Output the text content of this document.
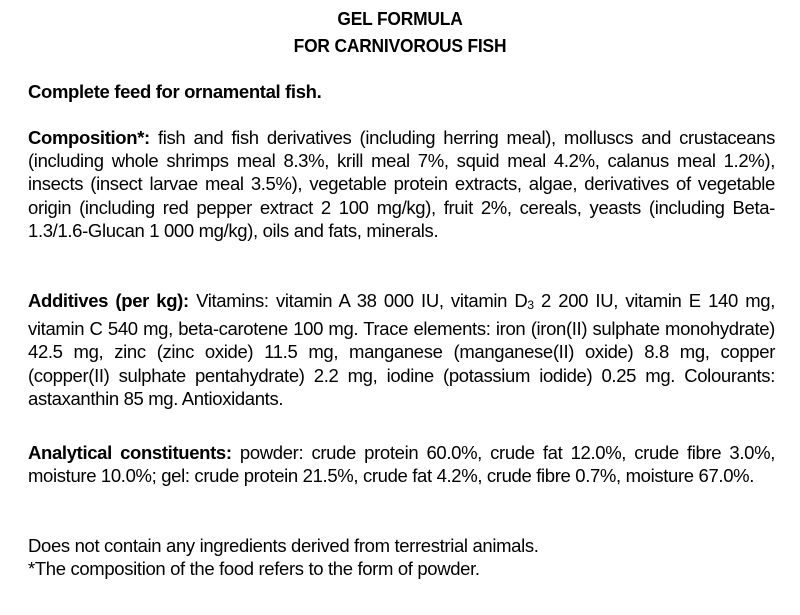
GEL FORMULA
FOR CARNIVOROUS FISH
Complete feed for ornamental fish.
Composition*: fish and fish derivatives (including herring meal), molluscs and crustaceans (including whole shrimps meal 8.3%, krill meal 7%, squid meal 4.2%, calanus meal 1.2%), insects (insect larvae meal 3.5%), vegetable protein extracts, algae, derivatives of vegetable origin (including red pepper extract 2 100 mg/kg), fruit 2%, cereals, yeasts (including Beta-1.3/1.6-Glucan 1 000 mg/kg), oils and fats, minerals.
Additives (per kg): Vitamins: vitamin A 38 000 IU, vitamin D3 2 200 IU, vitamin E 140 mg, vitamin C 540 mg, beta-carotene 100 mg. Trace elements: iron (iron(II) sulphate monohydrate) 42.5 mg, zinc (zinc oxide) 11.5 mg, manganese (manganese(II) oxide) 8.8 mg, copper (copper(II) sulphate pentahydrate) 2.2 mg, iodine (potassium iodide) 0.25 mg. Colourants: astaxanthin 85 mg. Antioxidants.
Analytical constituents: powder: crude protein 60.0%, crude fat 12.0%, crude fibre 3.0%, moisture 10.0%; gel: crude protein 21.5%, crude fat 4.2%, crude fibre 0.7%, moisture 67.0%.
Does not contain any ingredients derived from terrestrial animals.
*The composition of the food refers to the form of powder.
